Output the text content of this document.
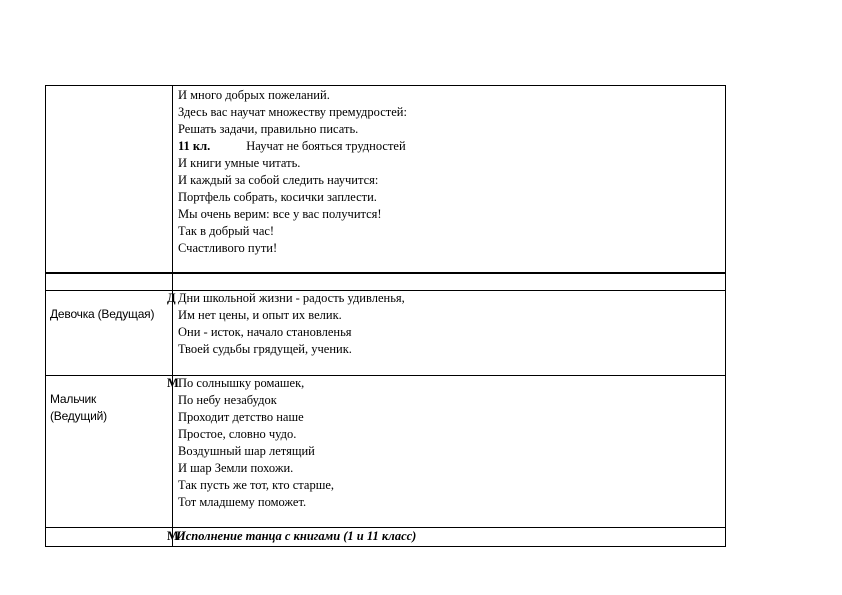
И много добрых пожеланий.
Здесь вас научат множеству премудростей:
Решать задачи, правильно писать.
11 кл.	Научат не бояться трудностей
И книги умные читать.
И каждый за собой следить научится:
Портфель собрать, косички заплести.
Мы очень верим: все у вас получится!
Так в добрый час!
Счастливого пути!
Девочка (Ведущая)
Д Дни школьной жизни - радость удивленья,
Им нет цены, и опыт их велик.
Они - исток, начало становленья
Твоей судьбы грядущей, ученик.
Мальчик
(Ведущий)
М По солнышку ромашек,
По небу незабудок
Проходит детство наше
Простое, словно чудо.
Воздушный шар летящий
И шар Земли похожи.
Так пусть же тот, кто старше,
Тот младшему поможет.
М
Исполнение танца с книгами (1 и 11 класс)
